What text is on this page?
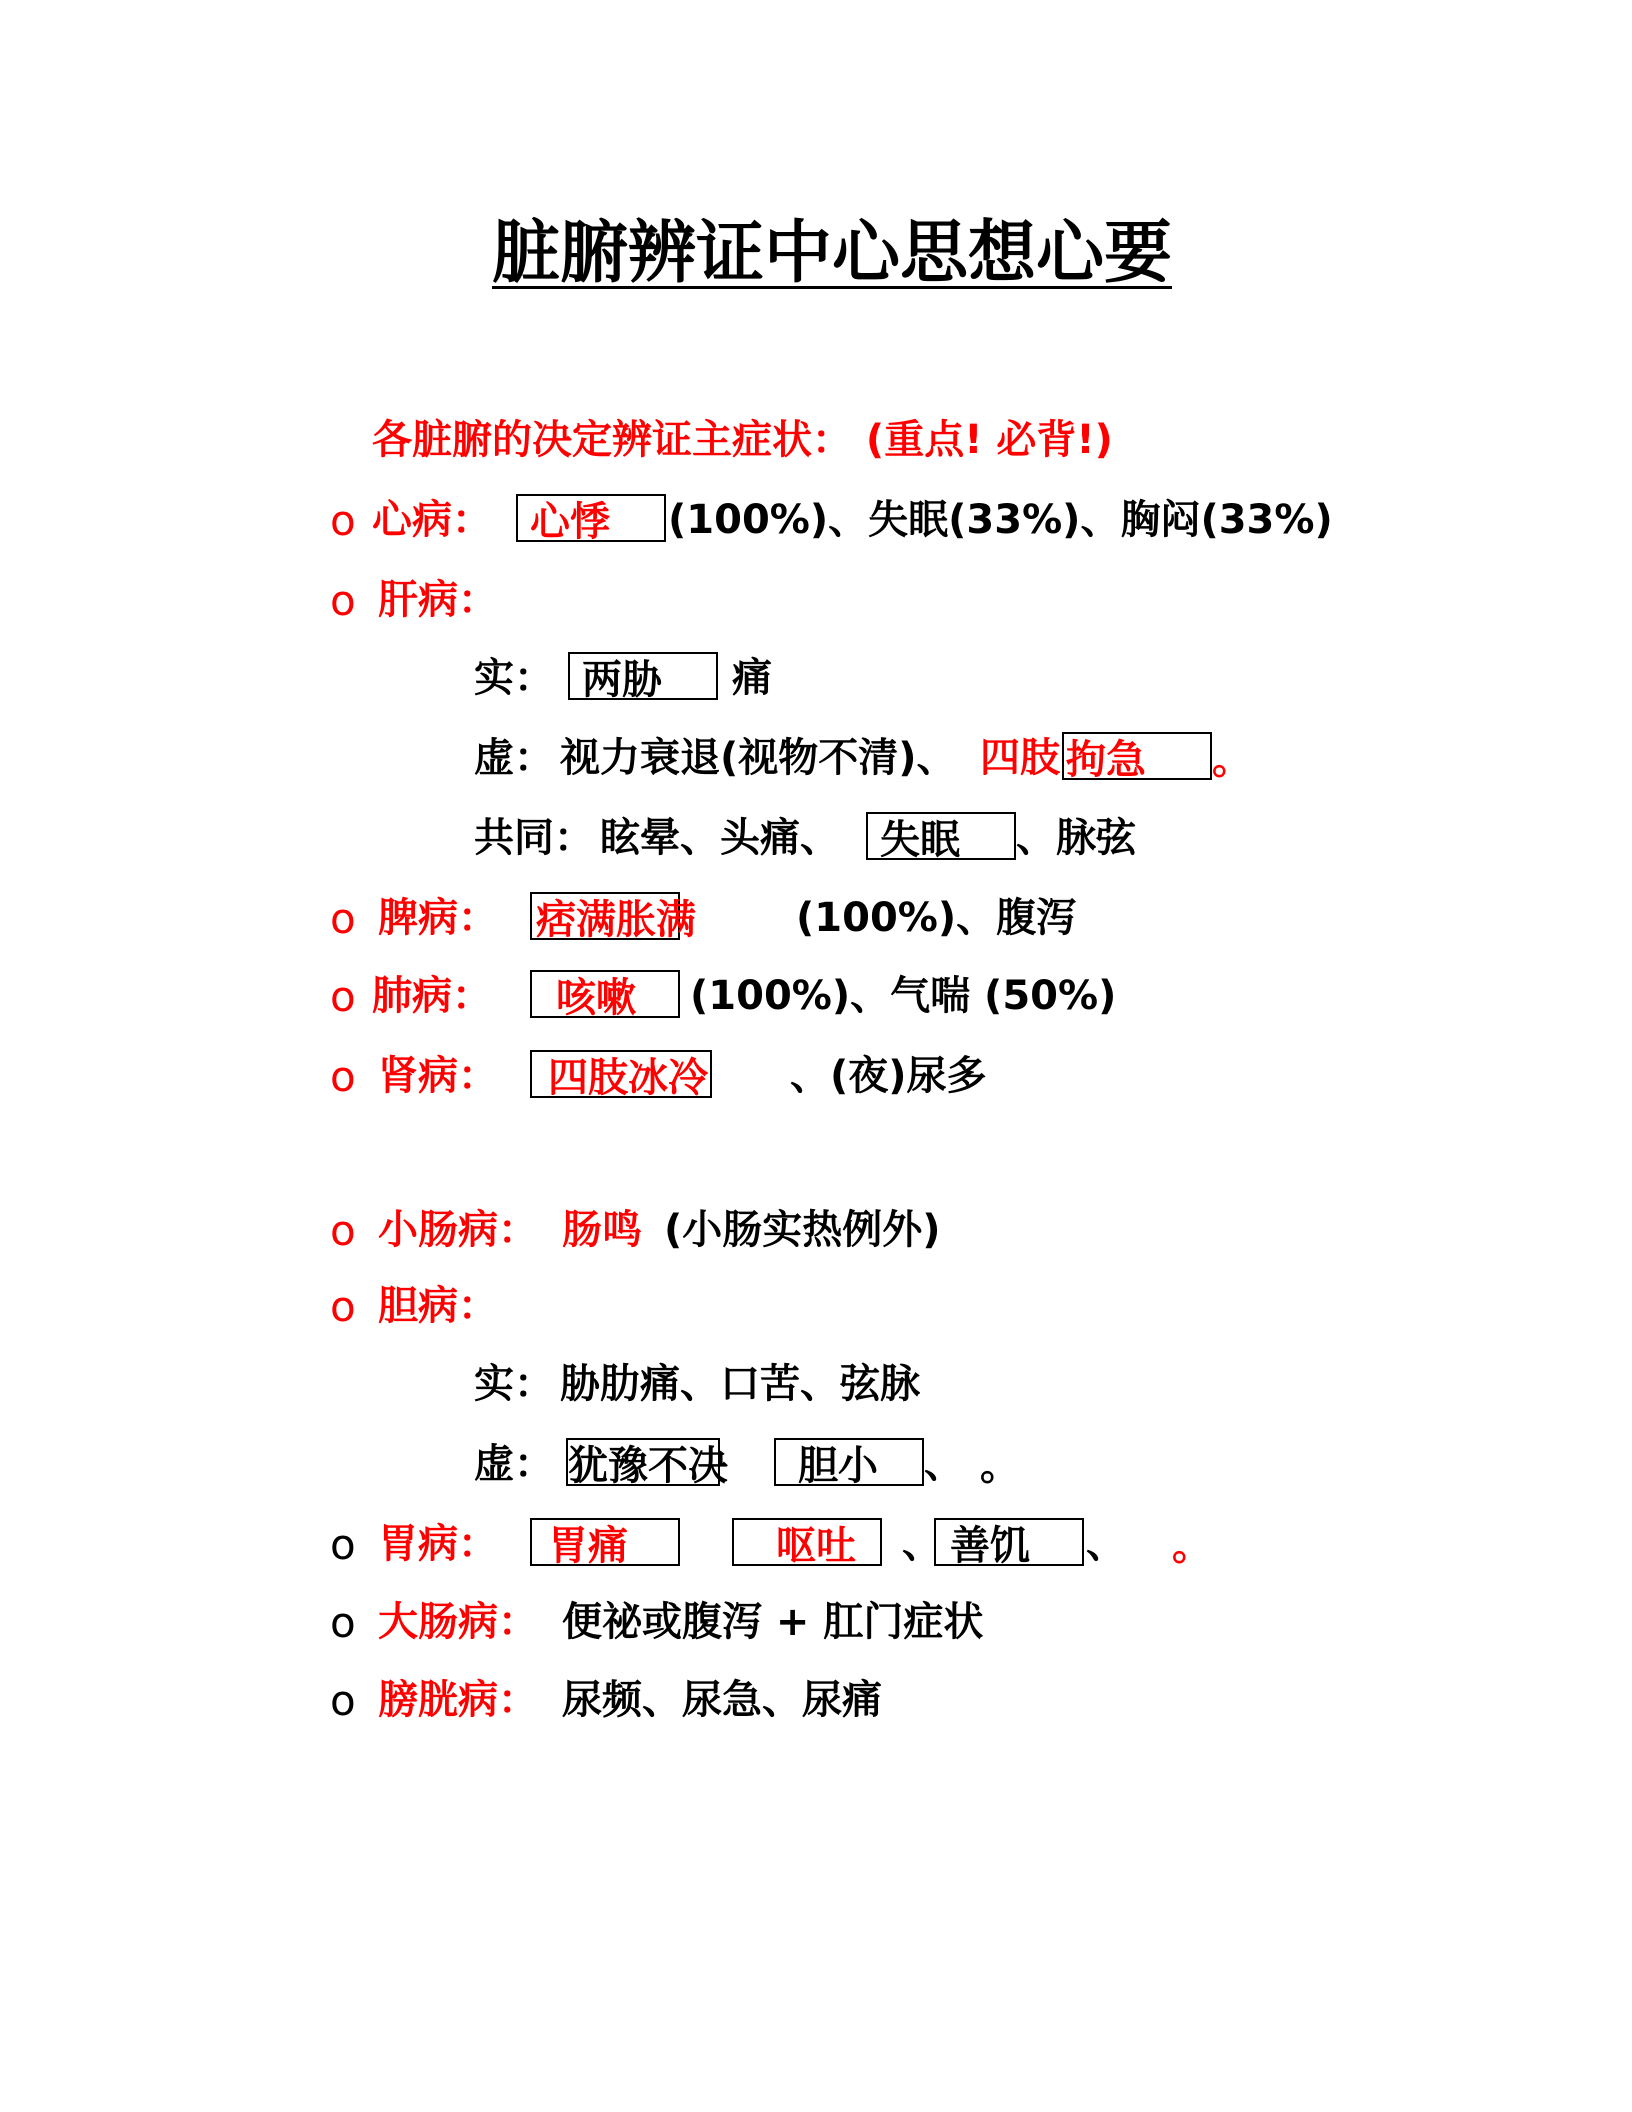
脏腑辨证中心思想心要
各脏腑的决定辨证主症状： (重点! 必背!)
o 心病： 心悸	(100%)、失眠(33%)、胸闷(33%)
o 肝病：
实： 两胁	痛
虚： 视力衰退(视物不清)、 四肢 拘急	。
共同： 眩晕、头痛、	失眠	、脉弦
o 脾病： 痞满胀满	(100%)、腹泻
o 肺病：	咳嗽	(100%)、气喘 (50%)
o 肾病：	四肢冰冷 、(夜)尿多
o 小肠病： 肠鸣 (小肠实热例外)
o 胆病：
实： 胁肋痛、口苦、弦脉
虚： 犹豫不决	胆小	、 。
o 胃病：	胃痛	呕吐	、 善饥	、 。
o 大肠病： 便祕或腹泻 + 肛门症状
o 膀胱病： 尿频、尿急、尿痛
